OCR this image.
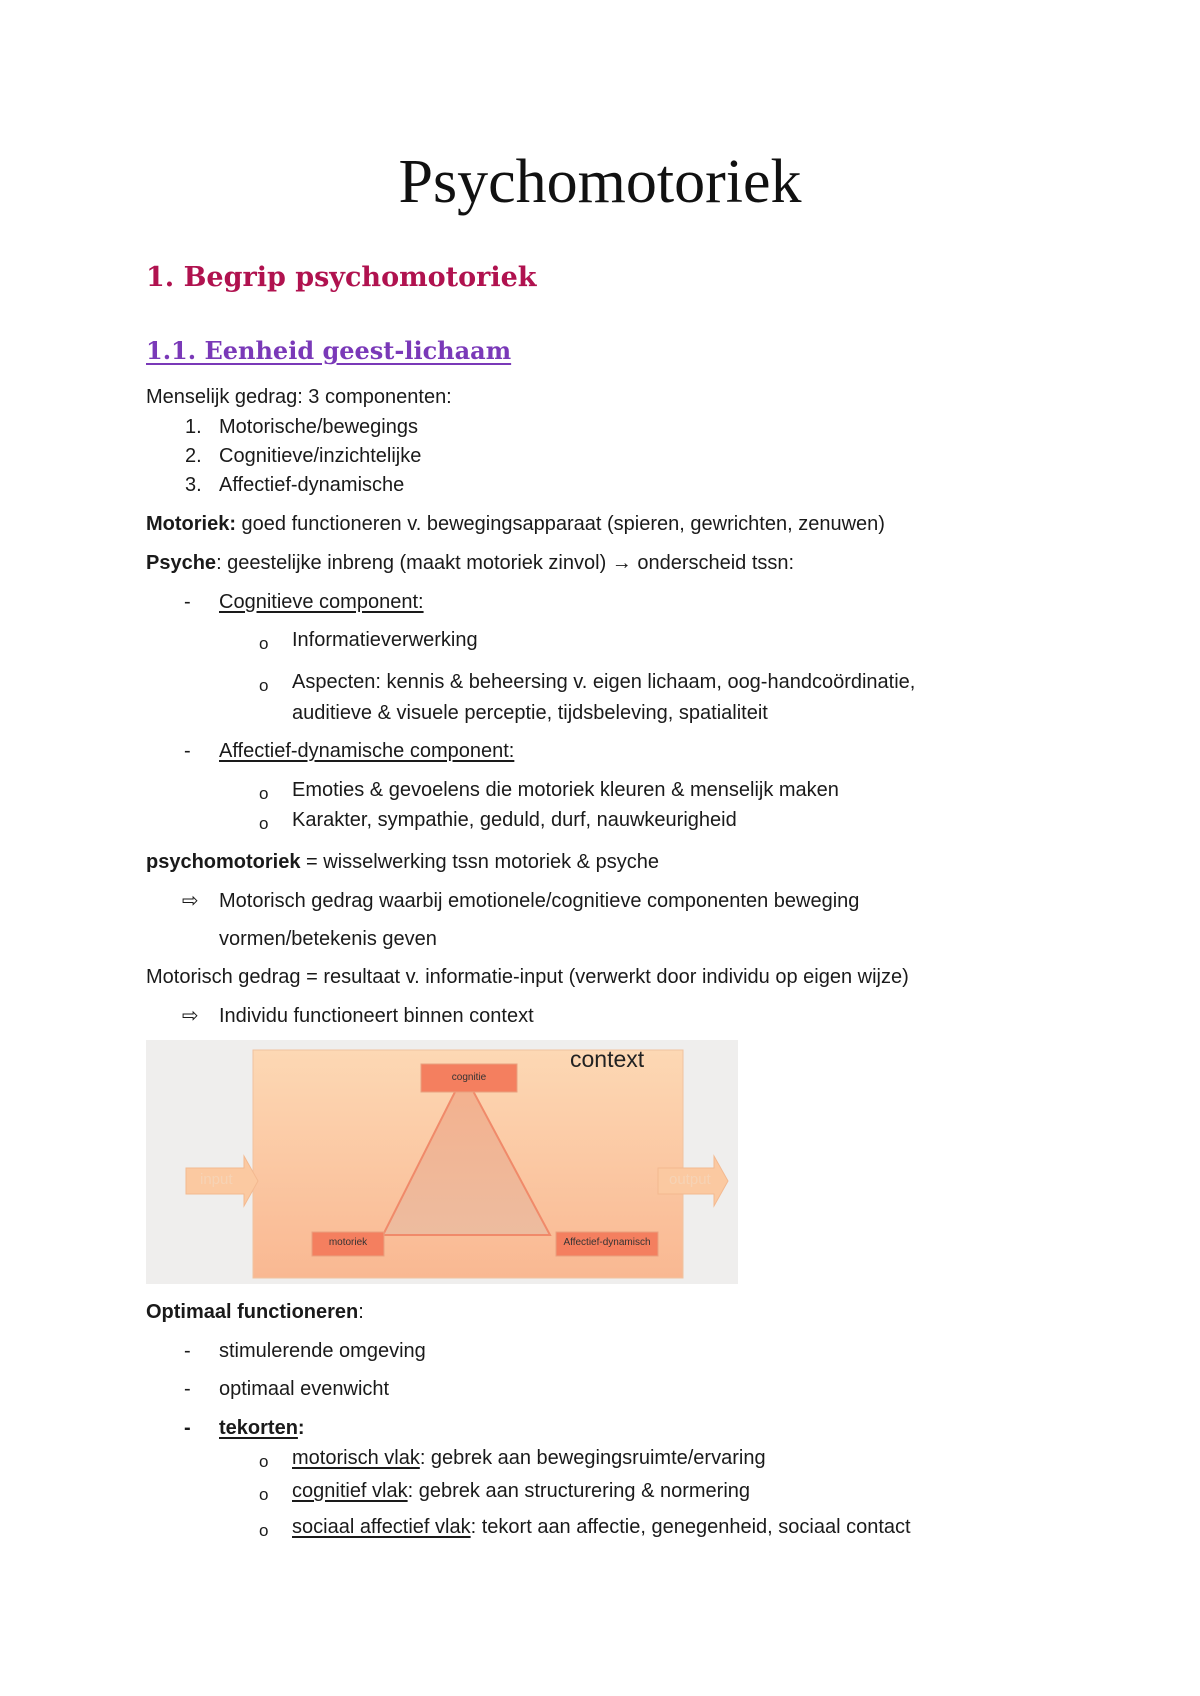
Psychomotoriek
1. Begrip psychomotoriek
1.1. Eenheid geest-lichaam
Menselijk gedrag: 3 componenten:
1. Motorische/bewegings
2. Cognitieve/inzichtelijke
3. Affectief-dynamische
Motoriek: goed functioneren v. bewegingsapparaat (spieren, gewrichten, zenuwen)
Psyche: geestelijke inbreng (maakt motoriek zinvol) → onderscheid tssn:
- Cognitieve component:
o Informatieverwerking
o Aspecten: kennis & beheersing v. eigen lichaam, oog-handcoördinatie,
auditieve & visuele perceptie, tijdsbeleving, spatialiteit
- Affectief-dynamische component:
o Emoties & gevoelens die motoriek kleuren & menselijk maken
o Karakter, sympathie, geduld, durf, nauwkeurigheid
psychomotoriek = wisselwerking tssn motoriek & psyche
⇨ Motorisch gedrag waarbij emotionele/cognitieve componenten beweging
vormen/betekenis geven
Motorisch gedrag = resultaat v. informatie-input (verwerkt door individu op eigen wijze)
⇨ Individu functioneert binnen context
context
cognitie
motoriek	Affectief-dynamisch
input	output
Optimaal functioneren:
- stimulerende omgeving
- optimaal evenwicht
- tekorten:
o motorisch vlak: gebrek aan bewegingsruimte/ervaring
o cognitief vlak: gebrek aan structurering & normering
o sociaal affectief vlak: tekort aan affectie, genegenheid, sociaal contact
